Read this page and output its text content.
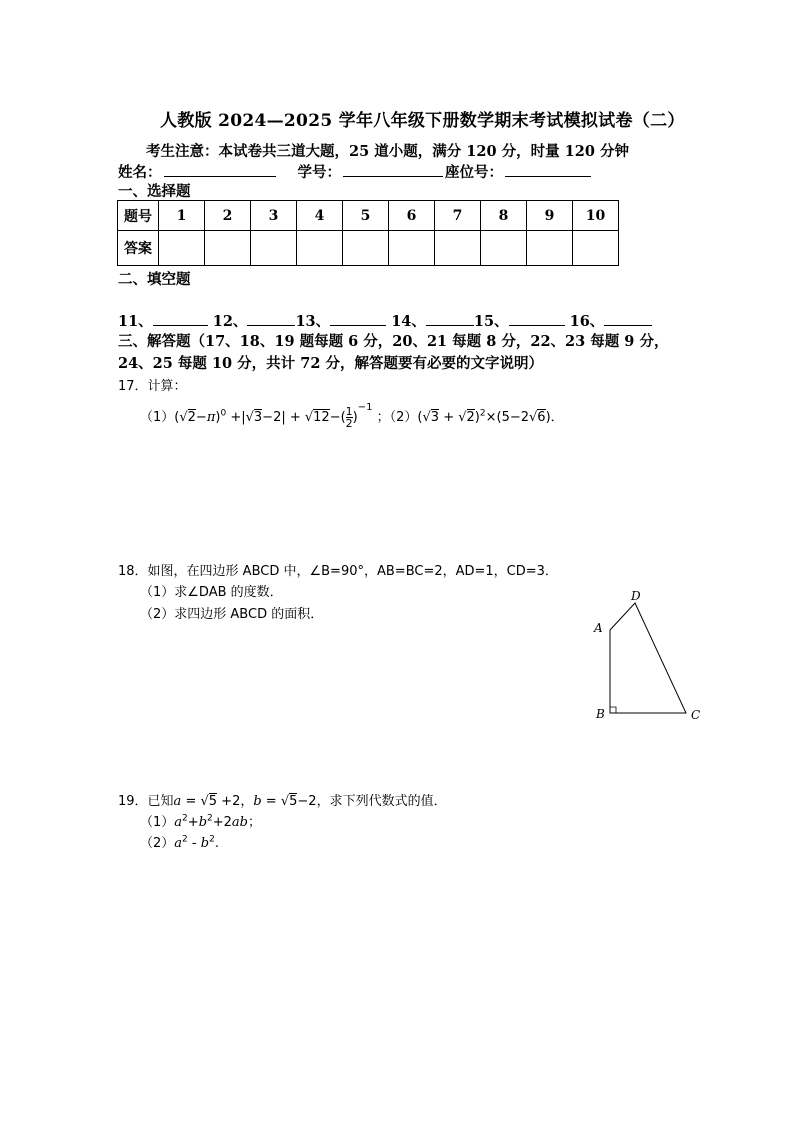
人教版 2024—2025 学年八年级下册数学期末考试模拟试卷（二）
考生注意：本试卷共三道大题，25 道小题，满分 120 分，时量 120 分钟
姓名：	学号：	座位号：
一、选择题
题号	1	2	3	4	5	6	7	8	9	10
答案										
二、填空题
11、	12、	13、	14、	15、	16、
三、解答题（17、18、19 题每题 6 分，20、21 每题 8 分，22、23 每题 9 分，
24、25 每题 10 分，共计 72 分，解答题要有必要的文字说明）
17．计算：
$(1)(√2-\pi)^0 +|√3-2| + √12-( \frac{1}{2} )^{-1}$ ；$(2)(√3 + √2)^2\times(5-2√6)$．
18．如图，在四边形 ABCD 中，∠B=90°，AB=BC=2，AD=1，CD=3．
（1）求∠DAB 的度数．
（2）求四边形 ABCD 的面积．
A
D
B	C
19．已知a = √5 +2，b = √5−2，求下列代数式的值．
$(1)a^2+b^2+2ab$；
$(2)a^2 - b^2$.
